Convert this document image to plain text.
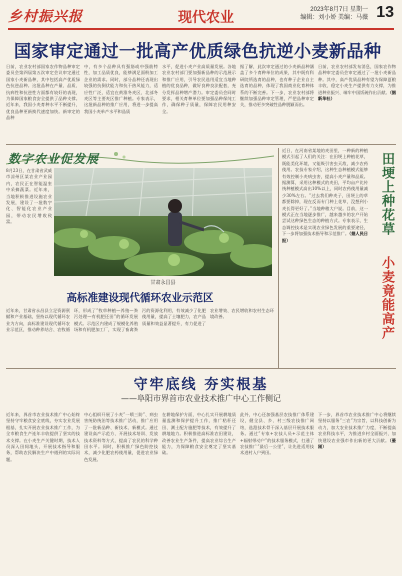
乡村振兴报	现代农业	2023年8月7日 星期一
编辑：刘小娇 美编：马薇 13
国家审定通过一批高产优质绿色抗逆小麦新品种
日前，农业农村部国家农作物品种审定委员会第四届第五次审定会议审定通过国家小麦新品种，其中包括高产优质绿色抗逆品种。这批品种在产量、品质、抗病性和抗逆性方面都有较好的表现，为保障国家粮食安全提供了品种支撑。近年来，我国小麦育种水平不断提升，优良品种更新换代速度加快。新审定的品种
中，有多个品种具有强筋或中强筋特性，加工品质优良，能够满足面粉加工企业的需求。同时，部分品种还表现出较强的抗倒伏能力和抗干热风能力，适应性广泛，适宜在黄淮冬麦区、北部冬麦区等主要麦区推广种植。专家表示，这批新品种的推广应用，将进一步提高我国小麦单产水平和品质
水平，促进小麦产业高质量发展。各地农业农村部门要加强新品种的示范展示和推广应用，引导农民选用适宜当地种植的优良品种，做好良种良法配套，充分发挥品种增产潜力。审定委员会同时要求，相关育种单位要加强品种保纯工作，确保种子质量，保障农民用种安全。
据了解，此次审定通过的小麦新品种涵盖了多个育种单位的成果，其中既有科研院所选育的品种，也有种子企业自主选育的品种，体现了我国商业化育种体系的不断完善。下一步，农业农村部将继续加强品种审定管理，严把品种审定关，推动更多突破性品种脱颖而出。
日前，农业农村部发布消息，国家农作物品种审定委员会审定通过了一批小麦新品种。其中，高产优质品种有望为保障夏粮丰收、稳定小麦生产提供有力支撑，为推进种业振兴、端牢中国饭碗作出贡献。（据新华社）
数字农业促发展
8月23日，在甘肃省武威市凉州区某农业产业园内，农民正在智能温室中采摘蔬菜。近年来，当地积极推进设施农业发展，建设了一批数字化、智能化农业产业园，带动农民增收致富。
甘肃永昌县
高标准建设现代循环农业示范区
近年来，甘肃省永昌县立足资源禀赋和产业基础，坚持以现代循环农业为方向，高标准建设现代循环农业示范区，推动种养结合、农牧循环，形成了“牧草种植—养殖—粪污处理—有机肥还田”的循环发展模式。示范区内建成了规模化养殖场和有机肥加工厂，实现了畜禽粪污的资源化利用，有效减少了化肥使用量，提高了土壤肥力，农产品质量和效益显著提升，有力促进了农业增效、农民增收和农村生态环境改善。
近日，在河南省某地的麦田里，一种新的种植模式引起了人们的关注：在田埂上种植花草，既能美化环境，又能吸引害虫天敌，减少农药使用。农技专家介绍，这种生态种植模式能够有效控制小麦病虫害，提高小麦产量和品质。据测算，采用这种模式的麦田，平均亩产比传统种植模式高出10%以上，同时农药使用量减少30%左右。“过去我们种麦子，田埂上的草都要除掉，现在反而专门种上花草，没想到小麦长得更好了。”当地种粮大户说。目前，这一模式正在当地逐步推广，越来越多的农户开始尝试这种绿色生态的种植方式。专家表示，生态调控技术是实现农业绿色发展的重要途径，下一步将加强技术指导和示范推广。（据人民日报）
田埂上种花草
小麦竟能高产
守牢底线 夯实根基
——阜阳市界首市农业技术推广中心工作侧记
近年来，界首市农业技术推广中心始终坚持守牢粮食安全底线，夯实农业发展根基，扎实开展农业技术推广工作，为全市粮食生产连年丰收提供了坚实的技术支撑。在小麦生产关键时期，技术人员深入田间地头，开展技术指导和服务，帮助农民解决生产中遇到的实际问题。
中心组织开展了小麦“一喷三防”、病虫害统防统治等技术推广活动，推广应用了一批新品种、新技术、新模式。通过建设高产示范方、开展技术培训、发放技术资料等方式，提高了农民的科学种田水平。同时，积极推广绿色防控技术，减少化肥农药使用量，促进农业绿色发展。
在耕地保护方面，中心扎实开展耕地质量监测和保护提升工作，推广秸秆还田、测土配方施肥等技术，有效提升了耕地地力。积极推进高标准农田建设，改善农业生产条件，提高农业综合生产能力，为保障粮食安全奠定了坚实基础。
此外，中心还加强基层农技推广体系建设，健全县、乡、村三级农技推广网络，选派技术骨干深入基层开展技术服务。通过“专家+农技人员+示范主体+辐射带动户”的技术服务模式，打通了农技推广“最后一公里”，让先进适用技术进村入户到田。
下一步，界首市农业技术推广中心将继续坚持以服务“三农”为宗旨，以科技创新为动力，加大农业技术推广力度，不断提高农业科技水平，为推进乡村全面振兴、加快建设农业强市作出新的更大贡献。（晏刚）
